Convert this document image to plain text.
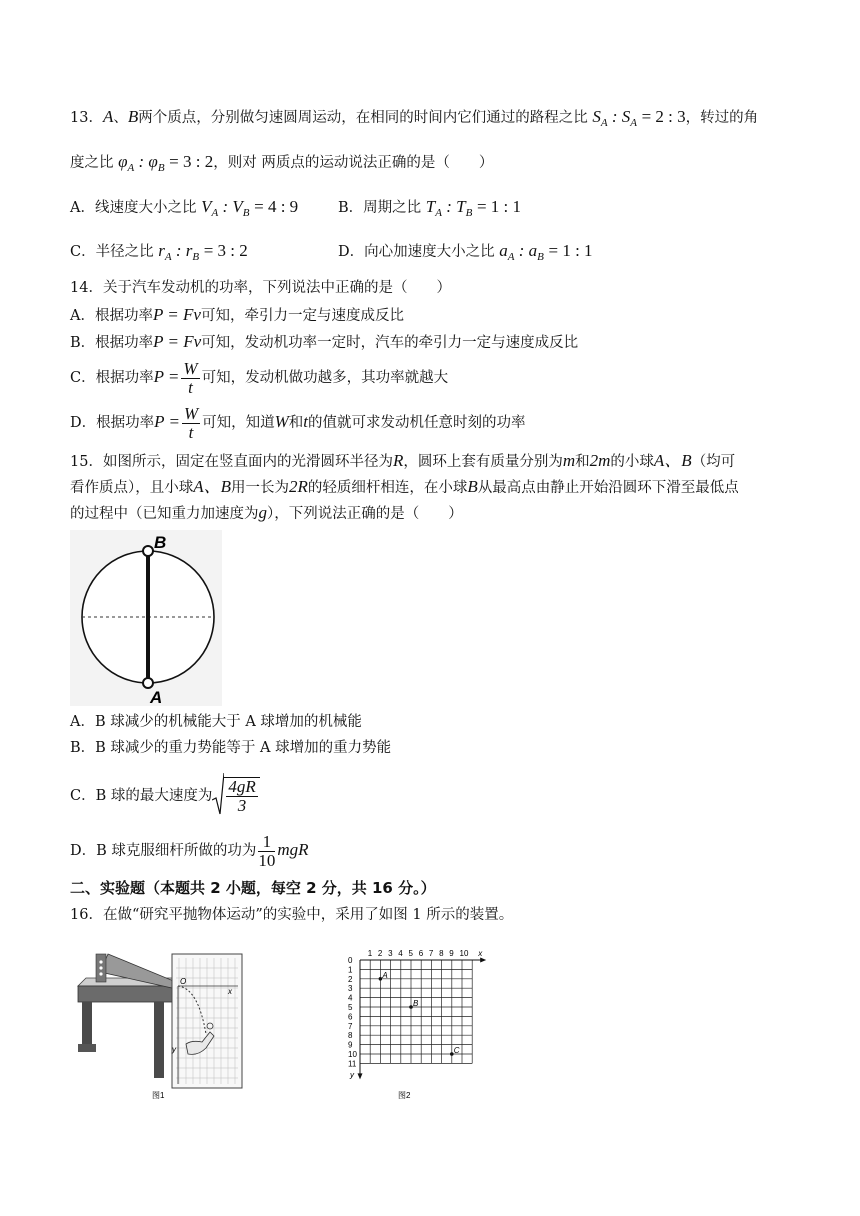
13．A、B两个质点，分别做匀速圆周运动，在相同的时间内它们通过的路程之比 $S_A$ : $S_A = 2$ : 3，转过的角
度之比 $\varphi_A$ : $\varphi_B = 3$ : 2，则对 两质点的运动说法正确的是（　　）
A．线速度大小之比 $V_A$ : $V_B = 4$ : 9	B．周期之比 $T_A$ : $T_B = 1$ : 1
C．半径之比 $r_A$ : $r_B = 3$ : 2	D．向心加速度大小之比 $a_A$ : $a_B = 1$ : 1
14．关于汽车发动机的功率，下列说法中正确的是（　　）
A．根据功率P = Fv可知，牵引力一定与速度成反比
B．根据功率P = Fv可知，发动机功率一定时，汽车的牵引力一定与速度成反比
C．根据功率$P = \frac{W}{t}$ 可知，发动机做功越多，其功率就越大
D．根据功率$P = \frac{W}{t}$ 可知，知道W和t的值就可求发动机任意时刻的功率
15．如图所示，固定在竖直面内的光滑圆环半径为R，圆环上套有质量分别为m和2m的小球A、B（均可
看作质点），且小球A、B用一长为2R的轻质细杆相连，在小球B从最高点由静止开始沿圆环下滑至最低点
的过程中（已知重力加速度为g），下列说法正确的是（　　）
B
A
A．B 球减少的机械能大于 A 球增加的机械能
B．B 球减少的重力势能等于 A 球增加的重力势能
C．B 球的最大速度为 $\frac{4gR}{3}$
D．B 球克服细杆所做的功为 $\frac{1}{10}$ mgR
二、实验题（本题共 2 小题，每空 2 分，共 16 分。）
16．在做“研究平抛物体运动”的实验中，采用了如图 1 所示的装置。
O
x
y
图1
1 2 3 4 5 6 7 8 9 10 x
0
1
2
3
4
5
6
7
8
9
10
11
y
A
B
C
图2
